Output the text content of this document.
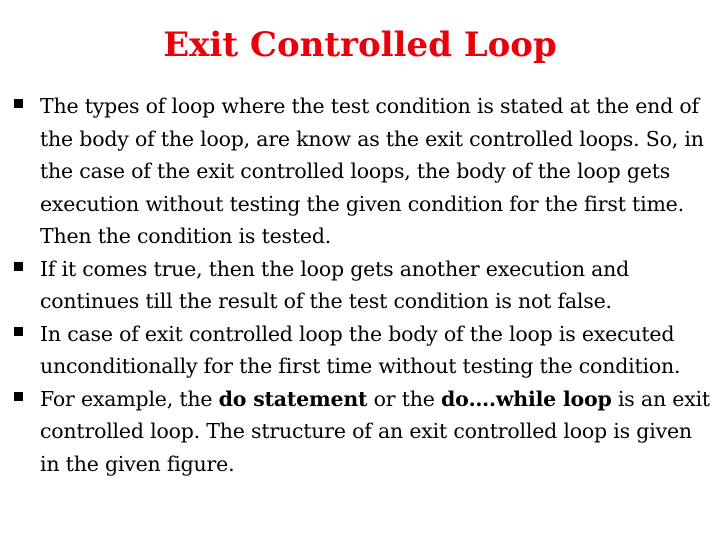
Exit Controlled Loop
The types of loop where the test condition is stated at the end of the body of the loop, are know as the exit controlled loops. So, in the case of the exit controlled loops, the body of the loop gets execution without testing the given condition for the first time. Then the condition is tested.
If it comes true, then the loop gets another execution and continues till the result of the test condition is not false.
In case of exit controlled loop the body of the loop is executed unconditionally for the first time without testing the condition.
For example, the do statement or the do….while loop is an exit controlled loop. The structure of an exit controlled loop is given in the given figure.
